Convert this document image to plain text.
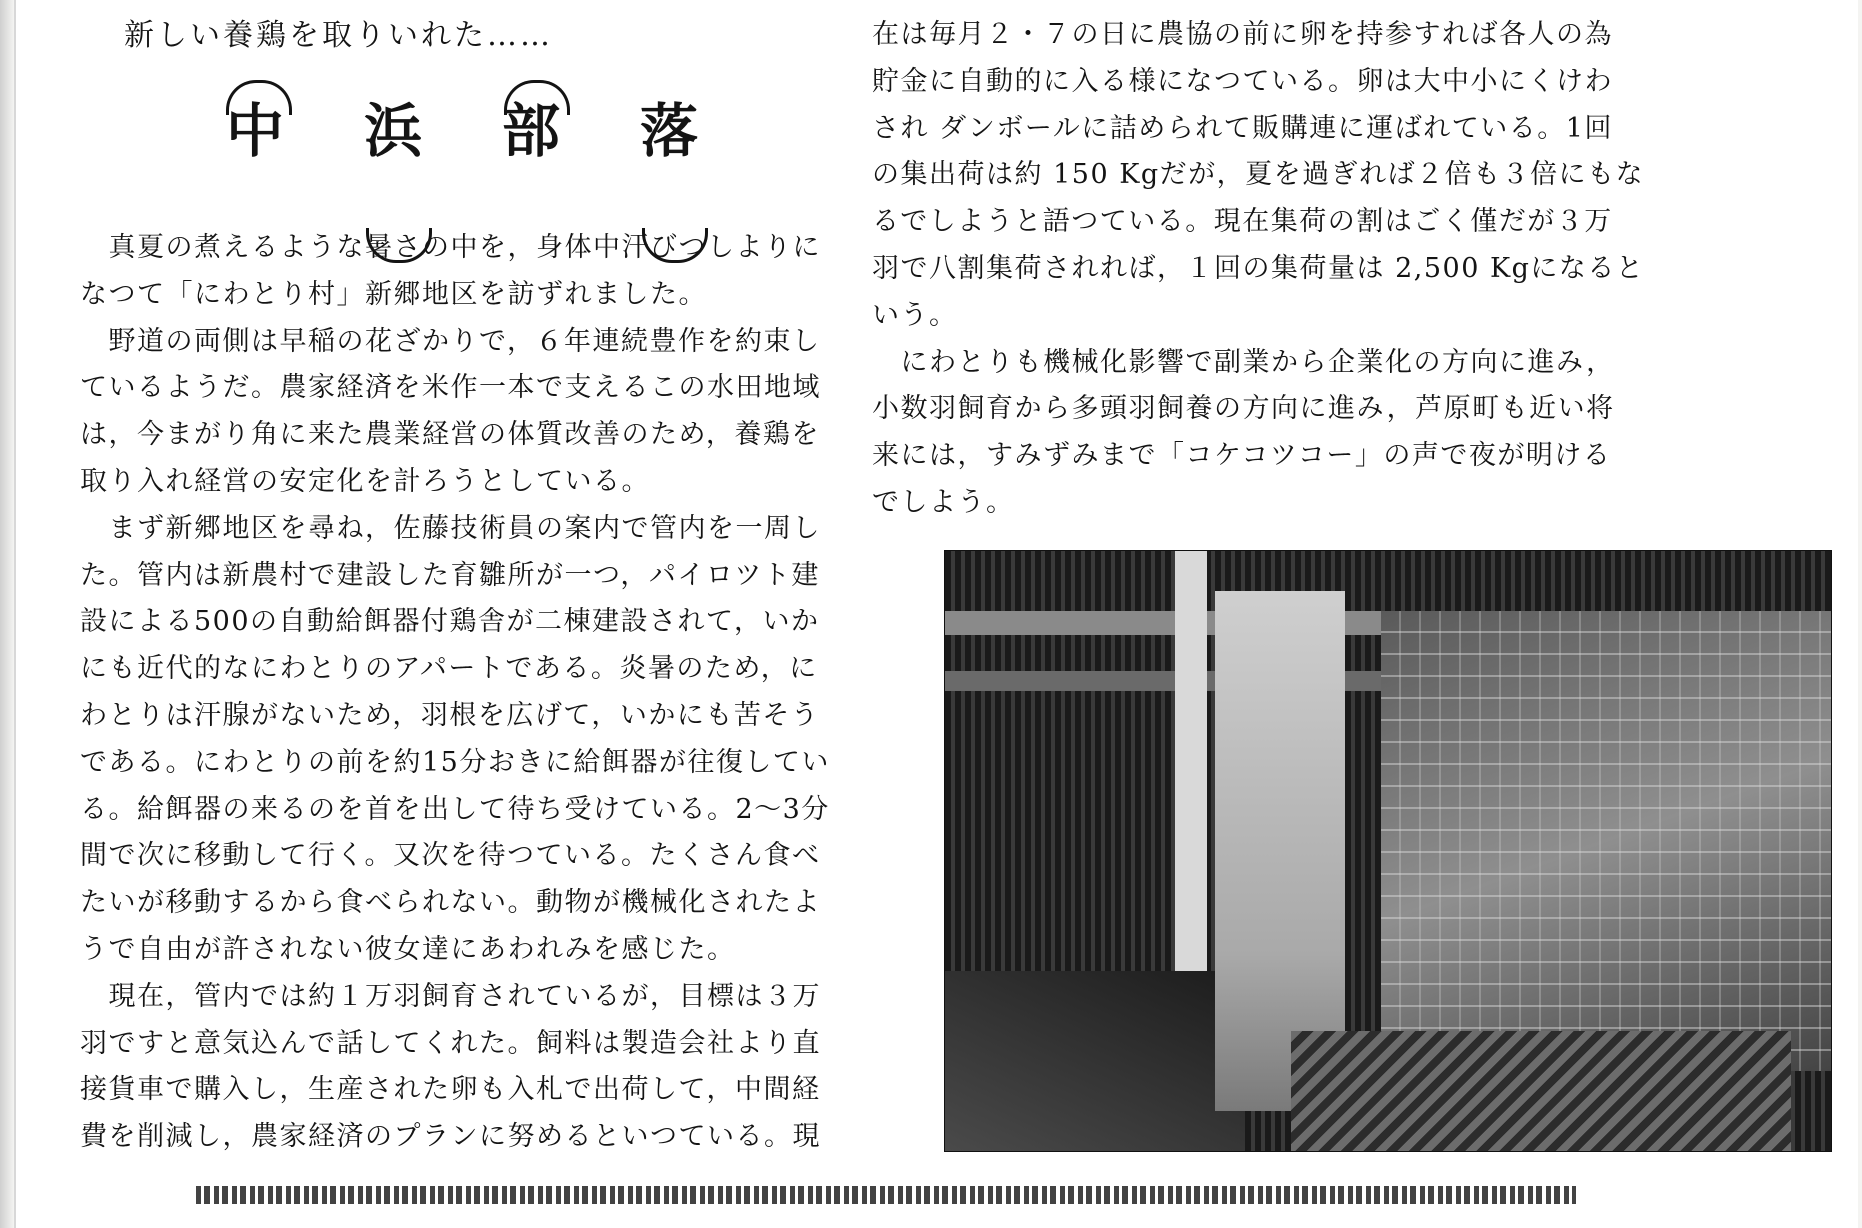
新しい養鶏を取りいれた……
中 浜 部 落
　真夏の煮えるような暑さの中を，身体中汗びつしよりに
なつて「にわとり村」新郷地区を訪ずれました。
　野道の両側は早稲の花ざかりで，６年連続豊作を約束し
ているようだ。農家経済を米作一本で支えるこの水田地域
は，今まがり角に来た農業経営の体質改善のため，養鶏を
取り入れ経営の安定化を計ろうとしている。
　まず新郷地区を尋ね，佐藤技術員の案内で管内を一周し
た。管内は新農村で建設した育雛所が一つ，パイロツト建
設による500の自動給餌器付鶏舎が二棟建設されて，いか
にも近代的なにわとりのアパートである。炎暑のため，に
わとりは汗腺がないため，羽根を広げて，いかにも苦そう
である。にわとりの前を約15分おきに給餌器が往復してい
る。給餌器の来るのを首を出して待ち受けている。2〜3分
間で次に移動して行く。又次を待つている。たくさん食べ
たいが移動するから食べられない。動物が機械化されたよ
うで自由が許されない彼女達にあわれみを感じた。
　現在，管内では約１万羽飼育されているが，目標は３万
羽ですと意気込んで話してくれた。飼料は製造会社より直
接貨車で購入し，生産された卵も入札で出荷して，中間経
費を削減し，農家経済のプランに努めるといつている。現
在は毎月２・７の日に農協の前に卵を持参すれば各人の為
貯金に自動的に入る様になつている。卵は大中小にくけわ
され ダンボールに詰められて販購連に運ばれている。1回
の集出荷は約 150 Kgだが，夏を過ぎれば２倍も３倍にもな
るでしようと語つている。現在集荷の割はごく僅だが３万
羽で八割集荷されれば，１回の集荷量は 2,500 Kgになると
いう。
　にわとりも機械化影響で副業から企業化の方向に進み，
小数羽飼育から多頭羽飼養の方向に進み，芦原町も近い将
来には，すみずみまで「コケコツコー」の声で夜が明ける
でしよう。
